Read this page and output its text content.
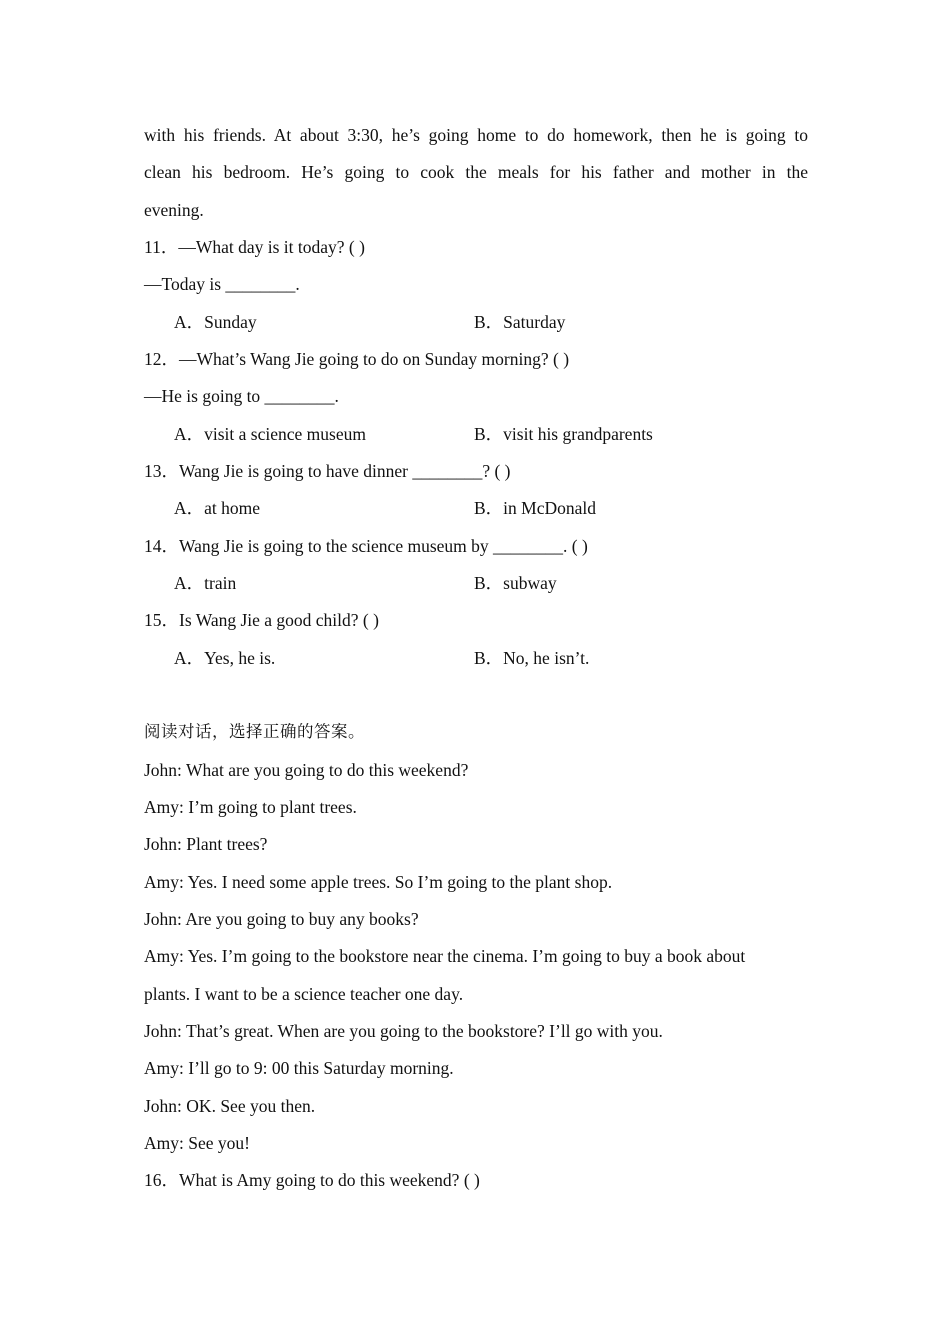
with his friends. At about 3:30, he’s going home to do homework, then he is going to
clean his bedroom. He’s going to cook the meals for his father and mother in the
evening.
11．—What day is it today? ( )
—Today is ________.
A．Sunday	B．Saturday
12．—What’s Wang Jie going to do on Sunday morning? ( )
—He is going to ________.
A．visit a science museum	B．visit his grandparents
13．Wang Jie is going to have dinner ________? ( )
A．at home	B．in McDonald
14．Wang Jie is going to the science museum by ________. ( )
A．train	B．subway
15．Is Wang Jie a good child? ( )
A．Yes, he is.	B．No, he isn’t.
阅读对话，选择正确的答案。
John: What are you going to do this weekend?
Amy: I’m going to plant trees.
John: Plant trees?
Amy: Yes. I need some apple trees. So I’m going to the plant shop.
John: Are you going to buy any books?
Amy: Yes. I’m going to the bookstore near the cinema. I’m going to buy a book about
plants. I want to be a science teacher one day.
John: That’s great. When are you going to the bookstore? I’ll go with you.
Amy: I’ll go to 9: 00 this Saturday morning.
John: OK. See you then.
Amy: See you!
16．What is Amy going to do this weekend? ( )
